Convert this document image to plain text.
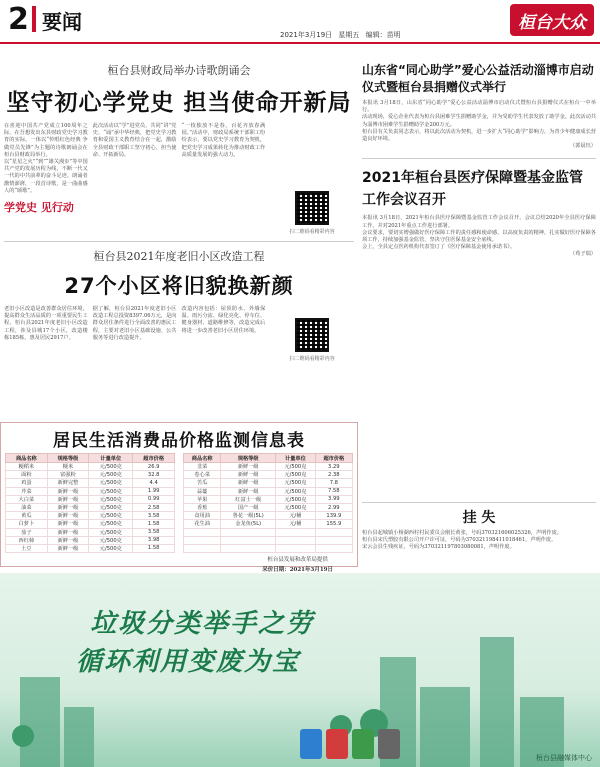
2 要闻
2021年3月19日 星期五 编辑：苗明
桓台大众
桓台县财政局举办诗歌朗诵会
坚守初心学党史 担当使命开新局

在喜迎中国共产党成立100周年之际，在吾想发出东县财政党史学习教育的实际，一体以“传唱红色经典 争做党员先锋”为主题的诗歌朗诵会在桓台县财政局举行。

以“星星之火”“到”“雄关漫步”等中国共产党的发展历程为线，不断一代又一代的中共前辈的奋斗足迹。朗诵者激情澎湃，一段首诗歌，是一曲曲感人的“颂歌”。

学党史 见行动

此次活动以“学”进党员、共同“讲”党史、“诵”承中华经典，把党史学习教育和爱国主义教育结合在一起，激励全县财政干部职工坚守初心、担当使命、开拓新局。

“一枝独放不是春，百花齐放春满园。”活动中，财政局系统干部职工纷纷表示，要以党史学习教育为契机，把党史学习成果转化为推动财政工作高质量发展的强大动力。

扫二维码看精彩内容
桓台县2021年度老旧小区改造工程
27个小区将旧貌换新颜

老旧小区改造是改善群众居住环境，提高群众生活品质的一项重要民生工程。桓台县2021年度老旧小区改造工程，涉及县城17个小区，改造楼栋185栋，惠及居民2917户。

据了解，桓台县2021年度老旧小区改造工程总投资8397.06万元，是向群众居住条件进行全面改善的惠民工程，主要对老旧小区基础设施、公共服务等进行改造提升。

改造内容包括：屋顶防水、外墙保温、雨污分流、绿化亮化、停车位、健身器材、道路维修等，改造完成后将进一步改善老旧小区居住环境。

扫二维码看精彩内容
山东省“同心助学”爱心公益活动淄博市启动仪式暨桓台县捐赠仪式举行

本报讯 3月18日，山东省“同心助学”爱心公益活动淄博市启动仪式暨桓台县捐赠仪式在桓台一中举行。

活动现场，爱心企业代表为桓台县困难学生捐赠助学金，并为受助学生代表发放了助学金。此次活动共为淄博市困难学生捐赠助学金200万元。

桓台县有关负责同志表示，将以此次活动为契机，进一步扩大“同心助学”影响力，为青少年健康成长营造良好环境。

（郭晨钰）

2021年桓台县医疗保障暨基金监管工作会议召开

本报讯 3月18日，2021年桓台县医疗保障暨基金监管工作会议召开。会议总结2020年全县医疗保障工作，并对2021年重点工作进行部署。

会议要求，要切实增强做好医疗保障工作的责任感和使命感，以高度负责的精神，扎实做好医疗保障各项工作，持续加强基金监管，坚决守住医保基金安全底线。

会上，全县定点医药机构代表签订了《医疗保障基金使用承诺书》。

（荀子瑞）

挂 失

桓台县起城镇小杨湖西村村民委员会刚长黄张，号码370321606025326，声明作废。

桓台县宋氏塑胶有限公司开户许可证，号码为370321198411018461，声明作废。

宋云会县生残疾证，号码为370321197803080081，声明作废。

居民生活消费品价格监测信息表
商品名称	规格等级	计量单位	超市价格
粳稻米	粳米	元/500克	26.9
面粉	富强粉	元/500克	32.8
鸡蛋	新鲜完整	元/500克	4.4
芹菜	新鲜一级	元/500克	1.99
大白菜	新鲜一级	元/500克	0.99
油菜	新鲜一级	元/500克	2.58
黄瓜	新鲜一级	元/500克	3.58
白萝卜	新鲜一级	元/500克	1.58
茄子	新鲜一级	元/500克	3.58
西红柿	新鲜一级	元/500克	3.98
土豆	新鲜一级	元/500克	1.58
商品名称	规格等级	计量单位	超市价格
韭菜	新鲜一级	元/500克	3.29
卷心菜	新鲜一级	元/500克	2.38
苦瓜	新鲜一级	元/500克	7.8
蒜薹	新鲜一级	元/500克	7.58
苹果	红富士一级	元/500克	3.99
香蕉	国产一级	元/500克	2.99
食用油	鲁花一级(5L)	元/桶	139.9
花生油	金龙鱼(5L)	元/桶	155.9

桓台县发展和改革局提供
采价日期：2021年3月19日
垃圾分类举手之劳
循环利用变废为宝
桓台县融媒体中心
